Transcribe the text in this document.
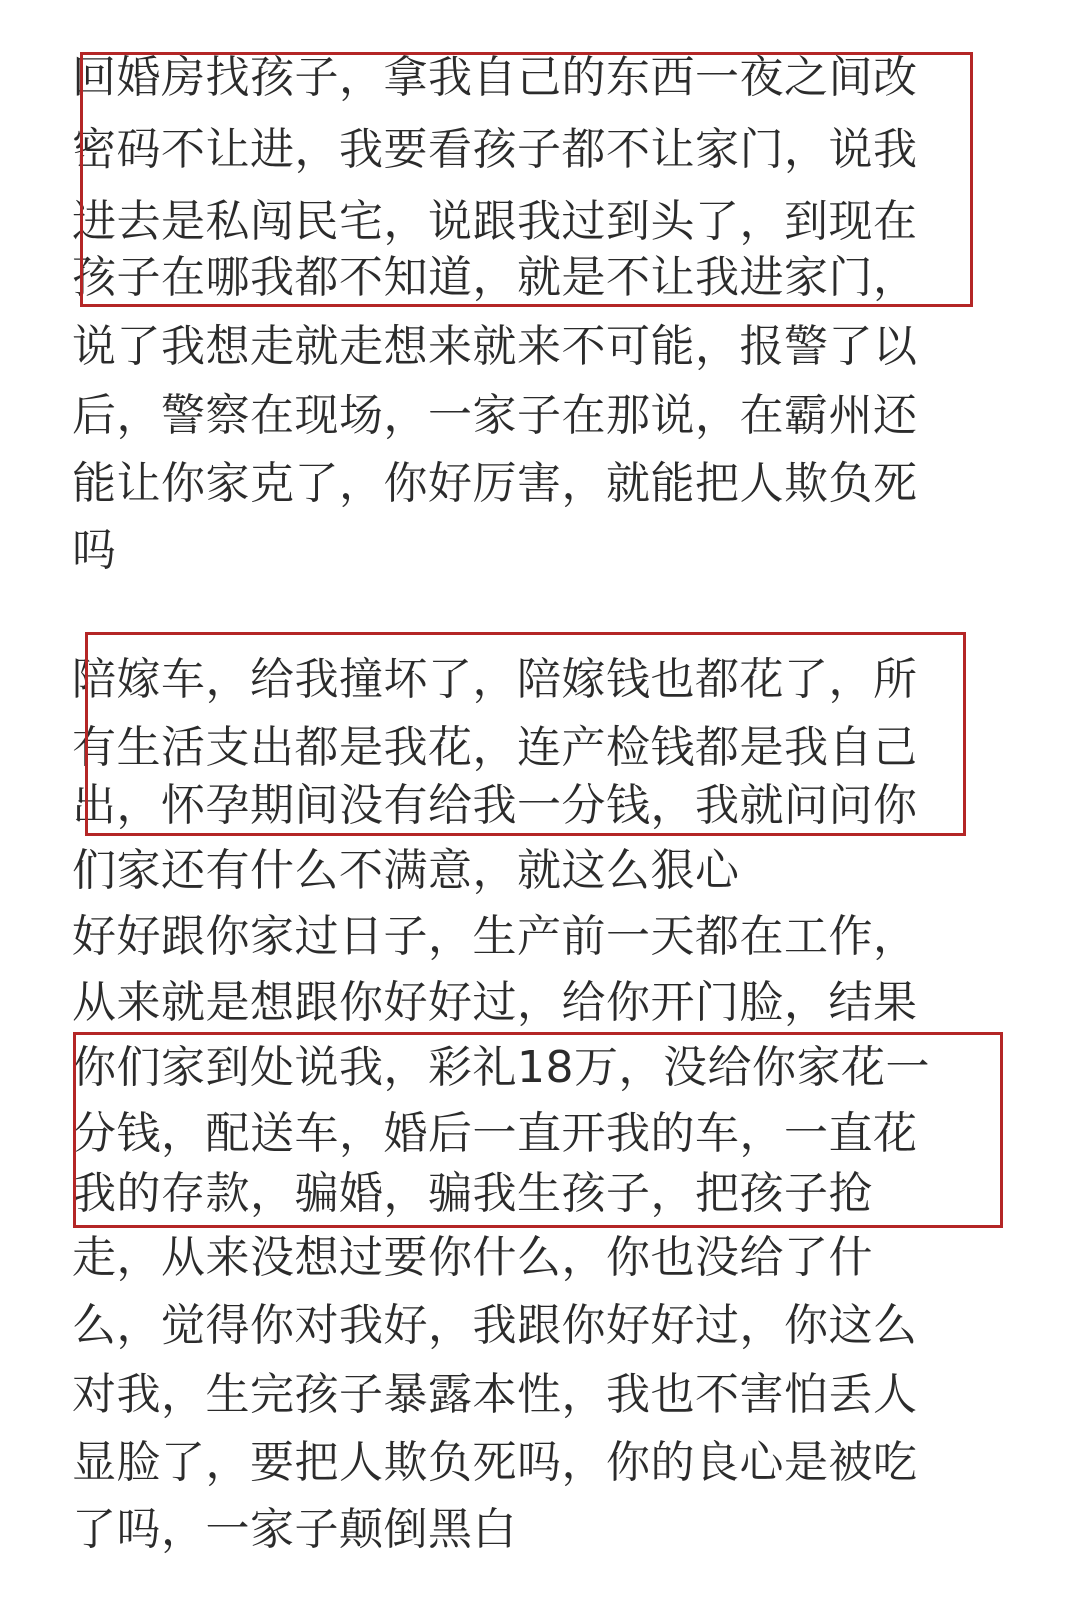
回婚房找孩子，拿我自己的东西一夜之间改
密码不让进，我要看孩子都不让家门，说我
进去是私闯民宅，说跟我过到头了，到现在
孩子在哪我都不知道，就是不让我进家门，
说了我想走就走想来就来不可能，报警了以
后，警察在现场，一家子在那说，在霸州还
能让你家克了，你好厉害，就能把人欺负死
吗
陪嫁车，给我撞坏了，陪嫁钱也都花了，所
有生活支出都是我花，连产检钱都是我自己
出，怀孕期间没有给我一分钱，我就问问你
们家还有什么不满意，就这么狠心
好好跟你家过日子，生产前一天都在工作，
从来就是想跟你好好过，给你开门脸，结果
你们家到处说我，彩礼18万，没给你家花一
分钱，配送车，婚后一直开我的车，一直花
我的存款，骗婚，骗我生孩子，把孩子抢
走，从来没想过要你什么，你也没给了什
么，觉得你对我好，我跟你好好过，你这么
对我，生完孩子暴露本性，我也不害怕丢人
显脸了，要把人欺负死吗，你的良心是被吃
了吗，一家子颠倒黑白
